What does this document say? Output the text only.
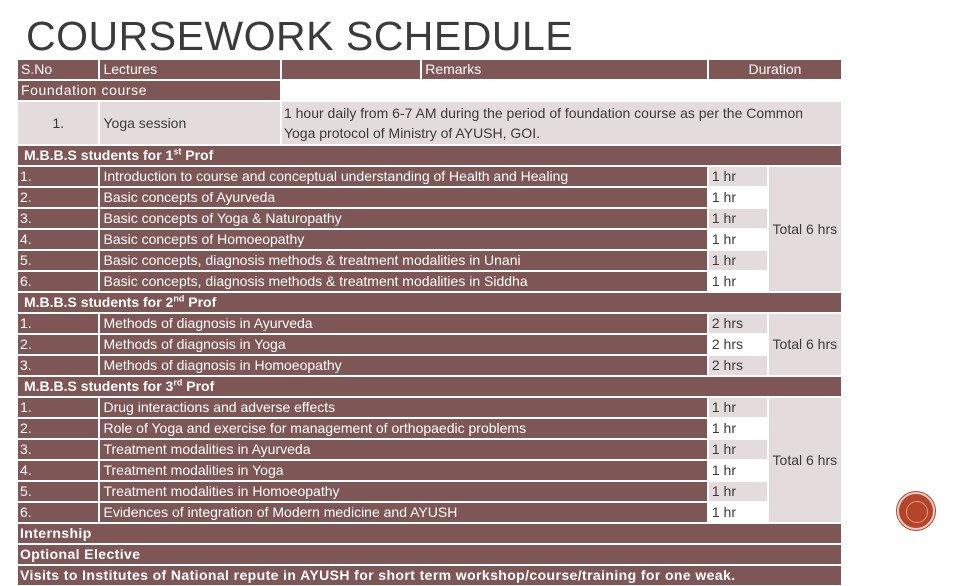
COURSEWORK SCHEDULE
S.No	Lectures		Remarks	Duration	
Foundation course					
1.	Yoga session	1 hour daily from 6-7 AM during the period of foundation course as per the Common Yoga protocol of Ministry of AYUSH, GOI.			
M.B.B.S students for 1st Prof					
1.	Introduction to course and conceptual understanding of Health and Healing			1 hr	Total 6 hrs
2.	Basic concepts of Ayurveda			1 hr	
3.	Basic concepts of Yoga & Naturopathy			1 hr	
4.	Basic concepts of Homoeopathy			1 hr	
5.	Basic concepts, diagnosis methods & treatment modalities in Unani			1 hr	
6.	Basic concepts, diagnosis methods & treatment modalities in Siddha			1 hr	
M.B.B.S students for 2nd Prof					
1.	Methods of diagnosis in Ayurveda			2 hrs	Total 6 hrs
2.	Methods of diagnosis in Yoga			2 hrs	
3.	Methods of diagnosis in Homoeopathy			2 hrs	
M.B.B.S students for 3rd Prof					
1.	Drug interactions and adverse effects			1 hr	Total 6 hrs
2.	Role of Yoga and exercise for management of orthopaedic problems			1 hr	
3.	Treatment modalities in Ayurveda			1 hr	
4.	Treatment modalities in Yoga			1 hr	
5.	Treatment modalities in Homoeopathy			1 hr	
6.	Evidences of integration of Modern medicine and AYUSH			1 hr	
Internship					
Optional Elective					
Visits to Institutes of National repute in AYUSH for short term workshop/course/training for one weak.					
